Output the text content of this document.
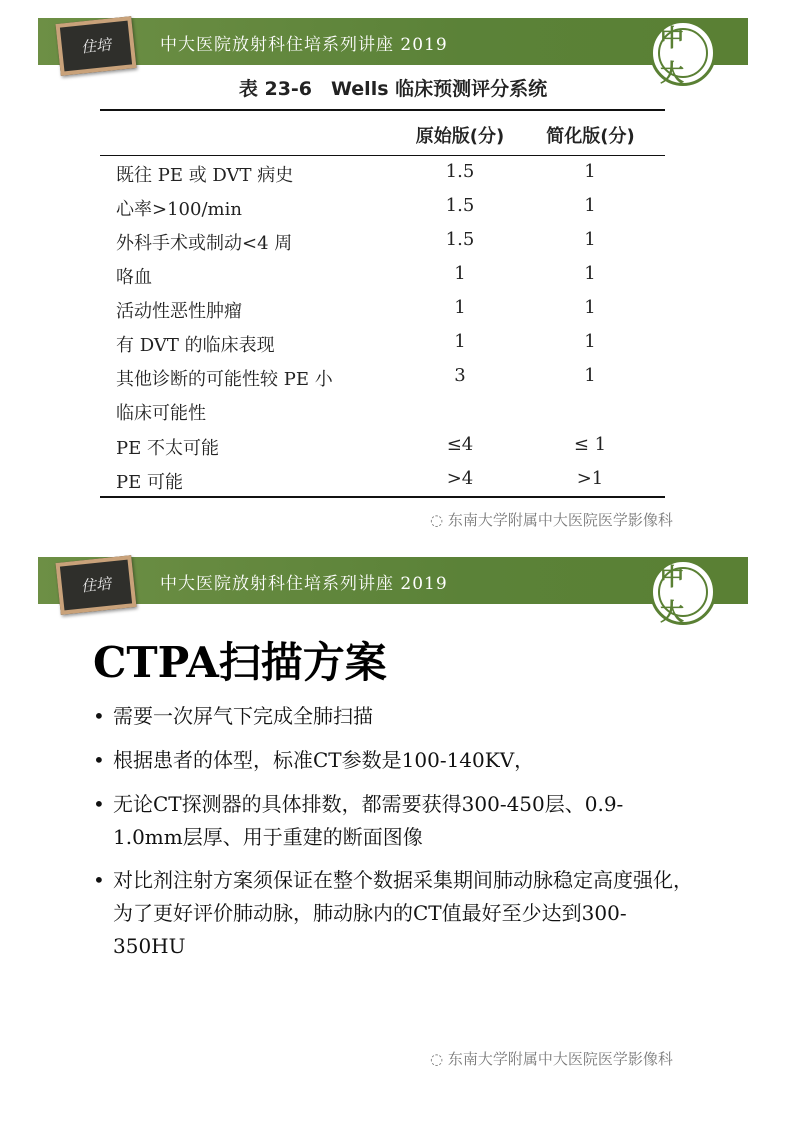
中大医院放射科住培系列讲座 2019
住培	中大
表 23-6　Wells 临床预测评分系统
原始版(分)	简化版(分)
既往 PE 或 DVT 病史	1.5	1
心率>100/min	1.5	1
外科手术或制动<4 周	1.5	1
咯血	1	1
活动性恶性肿瘤	1	1
有 DVT 的临床表现	1	1
其他诊断的可能性较 PE 小	3	1
临床可能性
PE 不太可能	≤4	≤ 1
PE 可能	>4	>1
◌ 东南大学附属中大医院医学影像科
中大医院放射科住培系列讲座 2019
住培	中大
CTPA扫描方案
• 需要一次屏气下完成全肺扫描
• 根据患者的体型，标准CT参数是100-140KV，
• 无论CT探测器的具体排数，都需要获得300-450层、0.9-1.0mm层厚、用于重建的断面图像
• 对比剂注射方案须保证在整个数据采集期间肺动脉稳定高度强化，为了更好评价肺动脉，肺动脉内的CT值最好至少达到300-350HU
◌ 东南大学附属中大医院医学影像科
